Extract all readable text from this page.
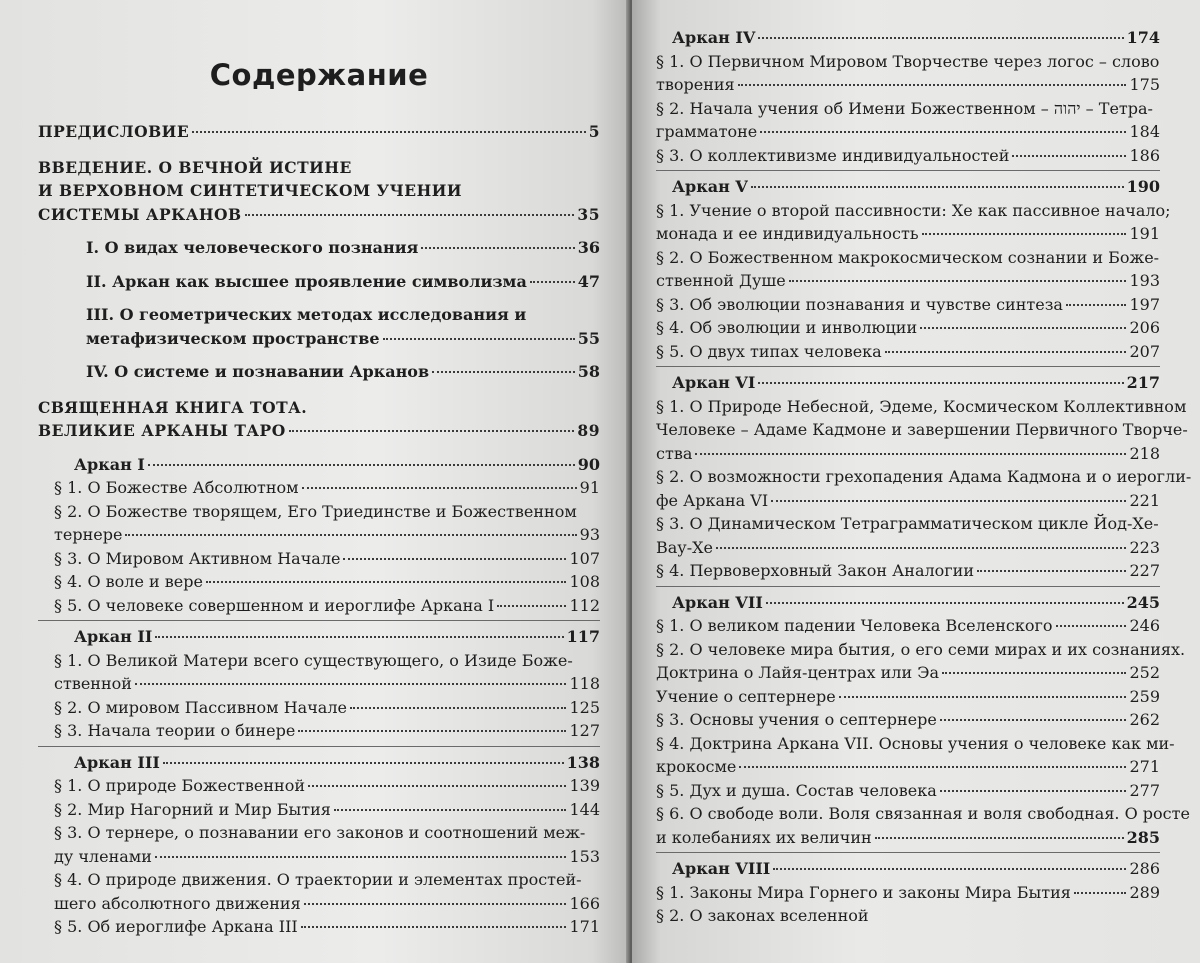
Содержание
ПРЕДИСЛОВИЕ	5
ВВЕДЕНИЕ. О ВЕЧНОЙ ИСТИНЕ
И ВЕРХОВНОМ СИНТЕТИЧЕСКОМ УЧЕНИИ
СИСТЕМЫ АРКАНОВ	35
I. О видах человеческого познания	36
II. Аркан как высшее проявление символизма	47
III. О геометрических методах исследования и
метафизическом пространстве	55
IV. О системе и познавании Арканов	58
СВЯЩЕННАЯ КНИГА ТОТА.
ВЕЛИКИЕ АРКАНЫ ТАРО	89
Аркан I	90
§ 1. О Божестве Абсолютном	91
§ 2. О Божестве творящем, Его Триединстве и Божественном
тернере	93
§ 3. О Мировом Активном Начале	107
§ 4. О воле и вере	108
§ 5. О человеке совершенном и иероглифе Аркана I	112
Аркан II	117
§ 1. О Великой Матери всего существующего, о Изиде Боже-
ственной	118
§ 2. О мировом Пассивном Начале	125
§ 3. Начала теории о бинере	127
Аркан III	138
§ 1. О природе Божественной	139
§ 2. Мир Нагорний и Мир Бытия	144
§ 3. О тернере, о познавании его законов и соотношений меж-
ду членами	153
§ 4. О природе движения. О траектории и элементах простей-
шего абсолютного движения	166
§ 5. Об иероглифе Аркана III	171
Аркан IV	174
§ 1. О Первичном Мировом Творчестве через логос – слово
творения	175
§ 2. Начала учения об Имени Божественном – יהוה – Тетра-
грамматоне	184
§ 3. О коллективизме индивидуальностей	186
Аркан V	190
§ 1. Учение о второй пассивности: Хе как пассивное начало;
монада и ее индивидуальность	191
§ 2. О Божественном макрокосмическом сознании и Боже-
ственной Душе	193
§ 3. Об эволюции познавания и чувстве синтеза	197
§ 4. Об эволюции и инволюции	206
§ 5. О двух типах человека	207
Аркан VI	217
§ 1. О Природе Небесной, Эдеме, Космическом Коллективном
Человеке – Адаме Кадмоне и завершении Первичного Творче-
ства	218
§ 2. О возможности грехопадения Адама Кадмона и о иерогли-
фе Аркана VI	221
§ 3. О Динамическом Тетраграмматическом цикле Йод-Хе-
Вау-Хе	223
§ 4. Первоверховный Закон Аналогии	227
Аркан VII	245
§ 1. О великом падении Человека Вселенского	246
§ 2. О человеке мира бытия, о его семи мирах и их сознаниях.
Доктрина о Лайя-центрах или Эа	252
Учение о септернере	259
§ 3. Основы учения о септернере	262
§ 4. Доктрина Аркана VII. Основы учения о человеке как ми-
крокосме	271
§ 5. Дух и душа. Состав человека	277
§ 6. О свободе воли. Воля связанная и воля свободная. О росте
и колебаниях их величин	285
Аркан VIII	286
§ 1. Законы Мира Горнего и законы Мира Бытия	289
§ 2. О законах вселенной
